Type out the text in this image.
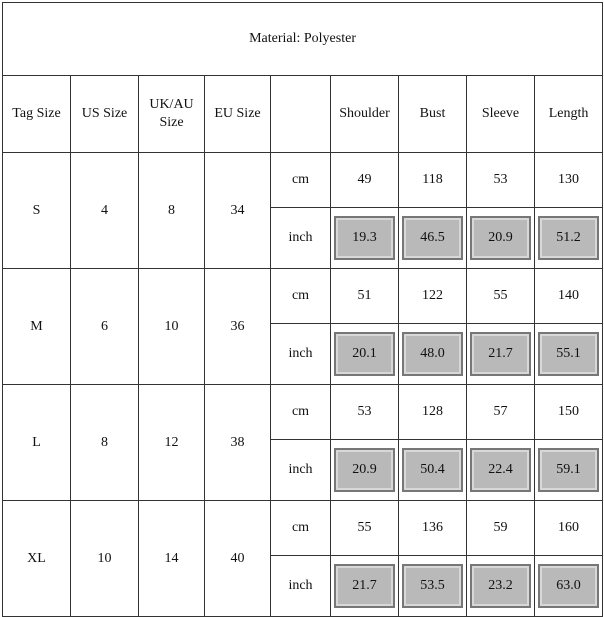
Material: Polyester								
Tag Size	US Size	UK/AU Size	EU Size		Shoulder	Bust	Sleeve	Length
S	4	8	34	cm	49	118	53	130
				inch	19.3	46.5	20.9	51.2

M	6	10	36	cm	51	122	55	140
				inch	20.1	48.0	21.7	55.1

L	8	12	38	cm	53	128	57	150
				inch	20.9	50.4	22.4	59.1

XL	10	14	40	cm	55	136	59	160
				inch	21.7	53.5	23.2	63.0
